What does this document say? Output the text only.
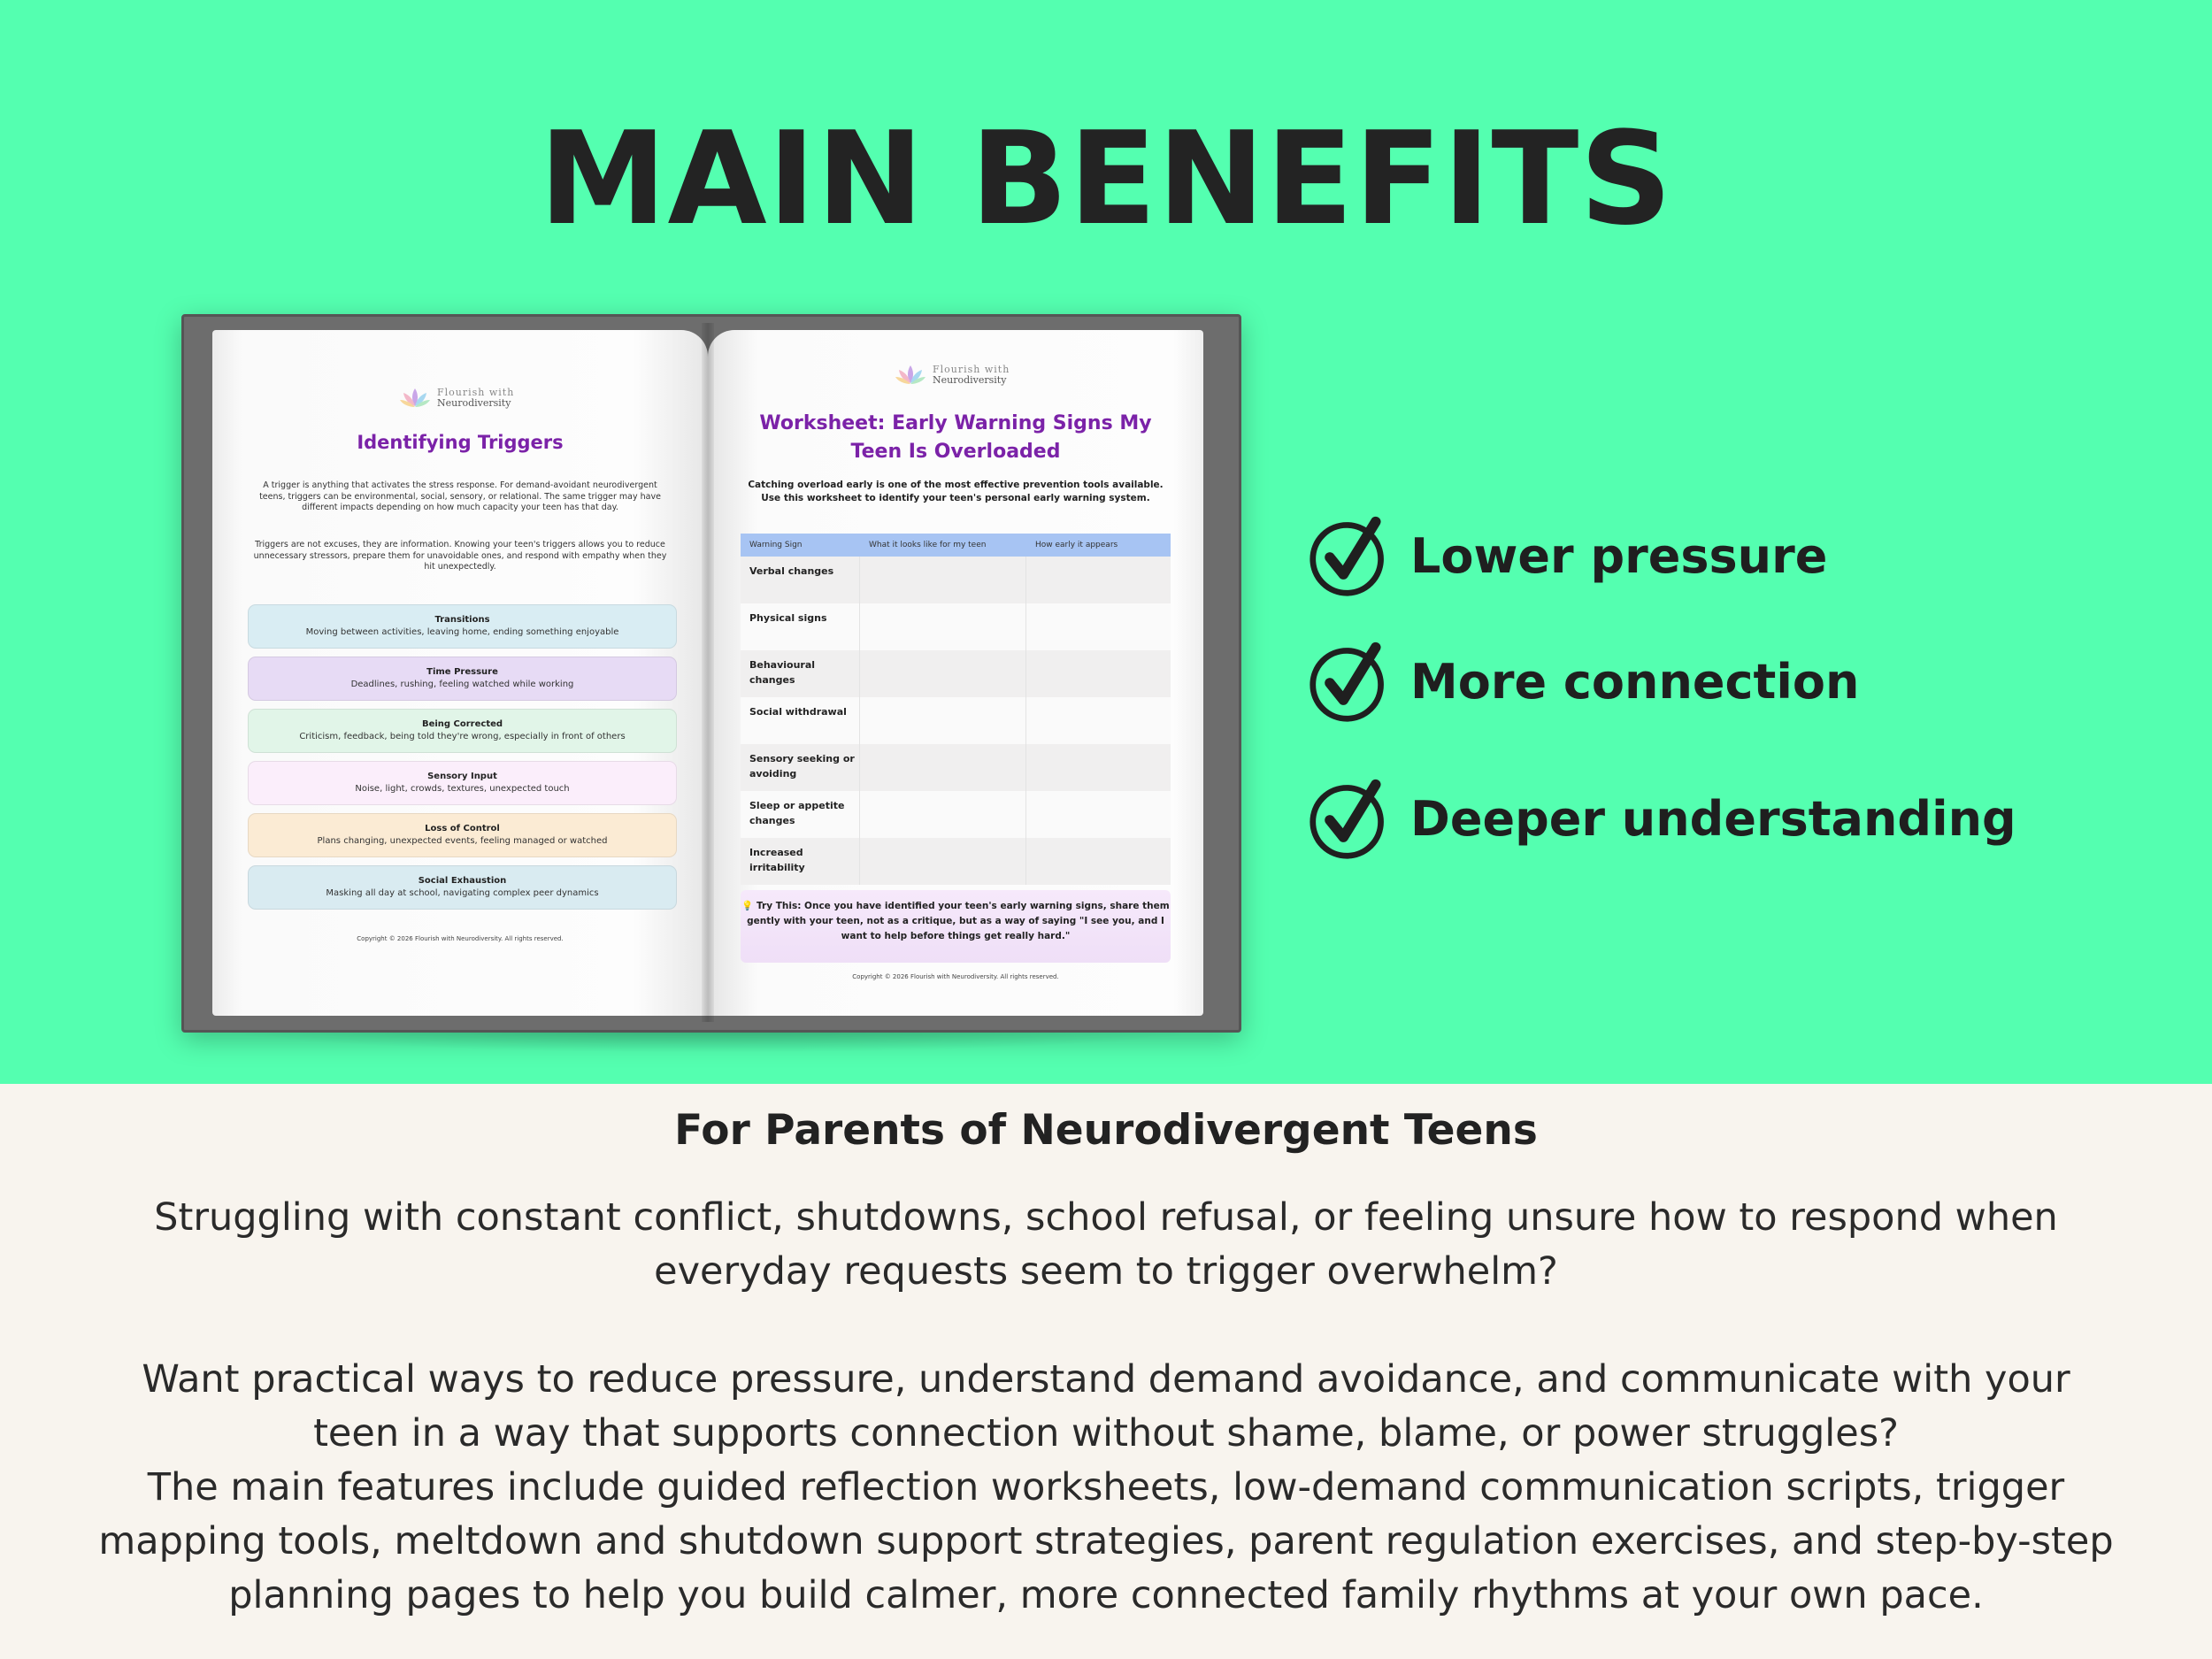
MAIN BENEFITS
Flourish with
Neurodiversity
Identifying Triggers
A trigger is anything that activates the stress response. For demand-avoidant neurodivergent teens, triggers can be environmental, social, sensory, or relational. The same trigger may have different impacts depending on how much capacity your teen has that day.
Triggers are not excuses, they are information. Knowing your teen's triggers allows you to reduce unnecessary stressors, prepare them for unavoidable ones, and respond with empathy when they hit unexpectedly.
Transitions
Moving between activities, leaving home, ending something enjoyable
Time Pressure
Deadlines, rushing, feeling watched while working
Being Corrected
Criticism, feedback, being told they're wrong, especially in front of others
Sensory Input
Noise, light, crowds, textures, unexpected touch
Loss of Control
Plans changing, unexpected events, feeling managed or watched
Social Exhaustion
Masking all day at school, navigating complex peer dynamics
Copyright © 2026 Flourish with Neurodiversity. All rights reserved.
Flourish with
Neurodiversity
Worksheet: Early Warning Signs My Teen Is Overloaded
Catching overload early is one of the most effective prevention tools available. Use this worksheet to identify your teen's personal early warning system.
Warning Sign	What it looks like for my teen	How early it appears
Verbal changes
Physical signs
Behavioural changes
Social withdrawal
Sensory seeking or avoiding
Sleep or appetite changes
Increased irritability
💡 Try This: Once you have identified your teen's early warning signs, share them gently with your teen, not as a critique, but as a way of saying "I see you, and I want to help before things get really hard."
Copyright © 2026 Flourish with Neurodiversity. All rights reserved.
Lower pressure
More connection
Deeper understanding
For Parents of Neurodivergent Teens
Struggling with constant conflict, shutdowns, school refusal, or feeling unsure how to respond when everyday requests seem to trigger overwhelm?
Want practical ways to reduce pressure, understand demand avoidance, and communicate with your teen in a way that supports connection without shame, blame, or power struggles?
The main features include guided reflection worksheets, low-demand communication scripts, trigger mapping tools, meltdown and shutdown support strategies, parent regulation exercises, and step-by-step planning pages to help you build calmer, more connected family rhythms at your own pace.
